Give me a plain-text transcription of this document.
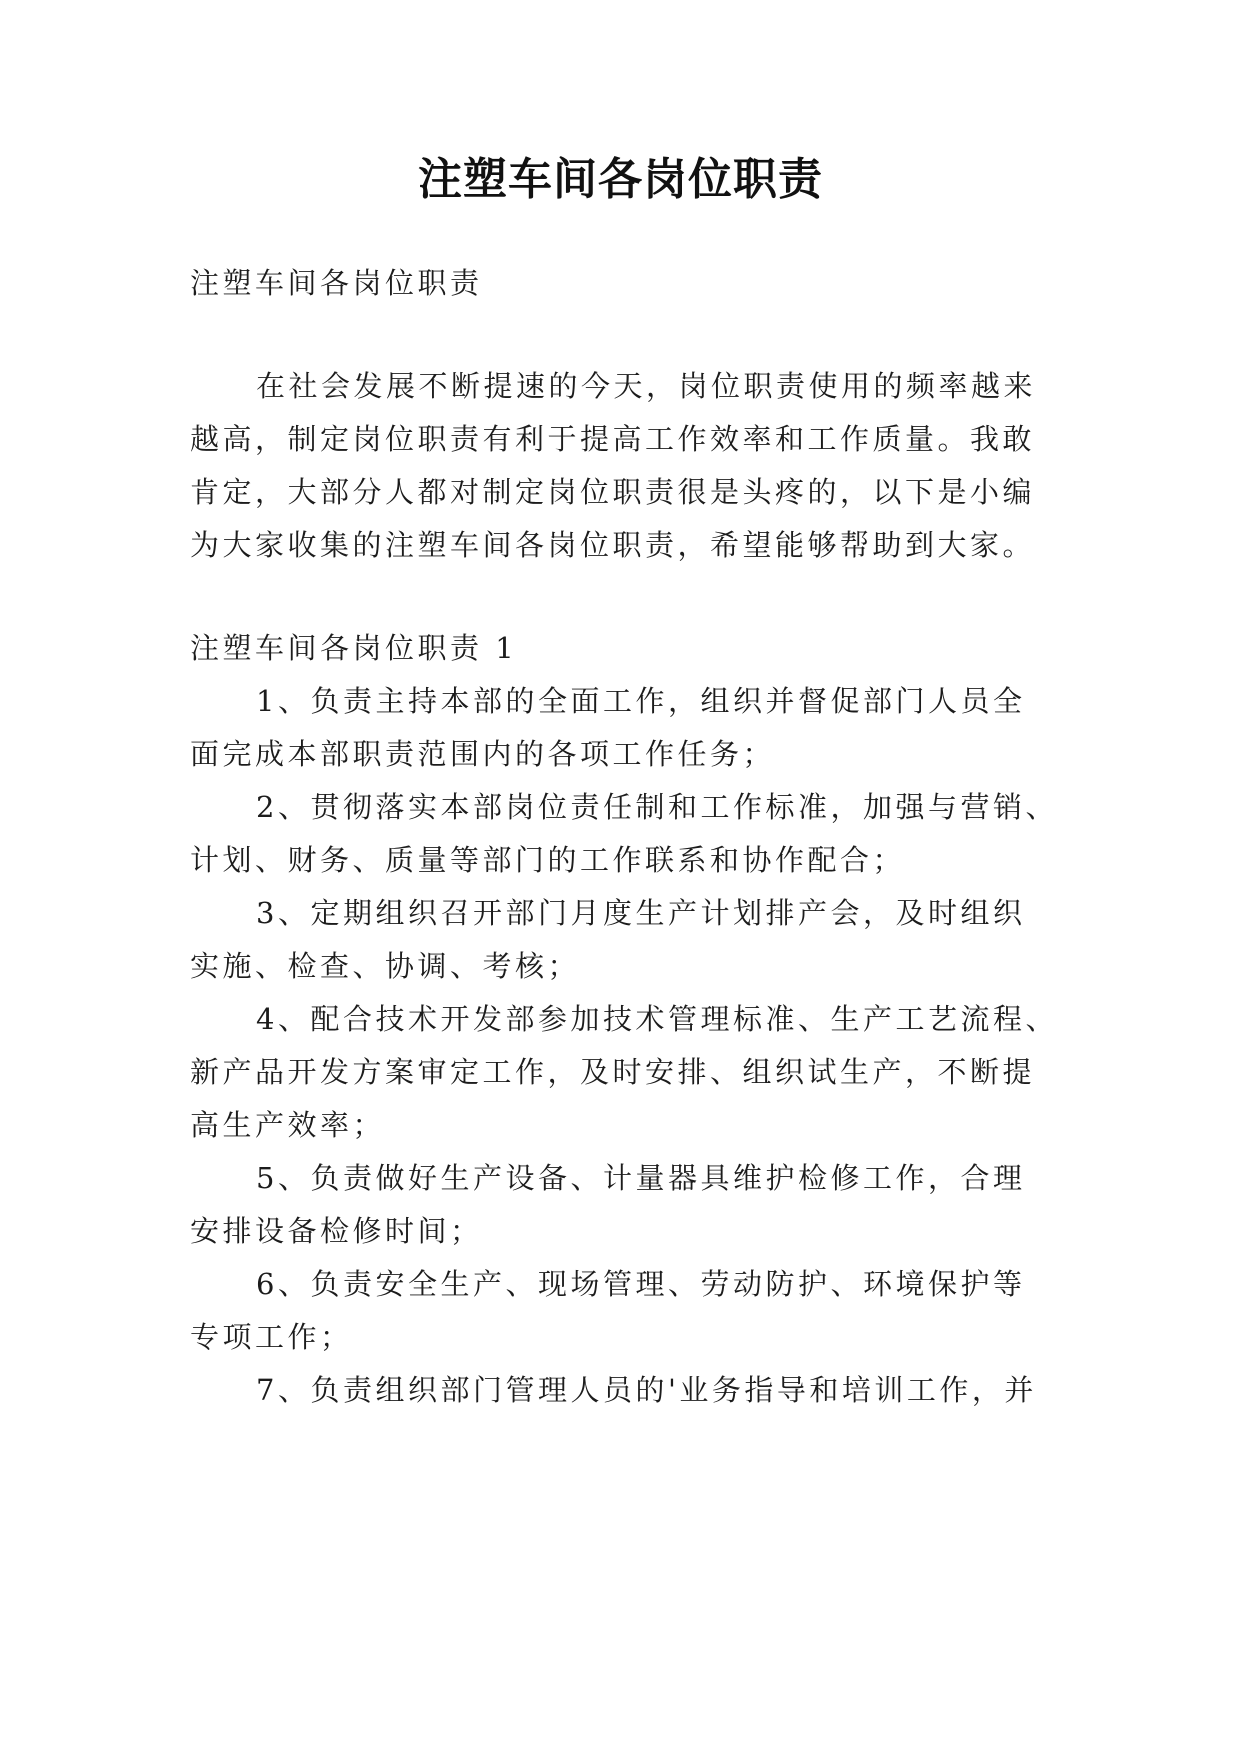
注塑车间各岗位职责
注塑车间各岗位职责
在社会发展不断提速的今天，岗位职责使用的频率越来
越高，制定岗位职责有利于提高工作效率和工作质量。我敢
肯定，大部分人都对制定岗位职责很是头疼的，以下是小编
为大家收集的注塑车间各岗位职责，希望能够帮助到大家。
注塑车间各岗位职责 1
1、负责主持本部的全面工作，组织并督促部门人员全
面完成本部职责范围内的各项工作任务；
2、贯彻落实本部岗位责任制和工作标准，加强与营销、
计划、财务、质量等部门的工作联系和协作配合；
3、定期组织召开部门月度生产计划排产会，及时组织
实施、检查、协调、考核；
4、配合技术开发部参加技术管理标准、生产工艺流程、
新产品开发方案审定工作，及时安排、组织试生产，不断提
高生产效率；
5、负责做好生产设备、计量器具维护检修工作，合理
安排设备检修时间；
6、负责安全生产、现场管理、劳动防护、环境保护等
专项工作；
7、负责组织部门管理人员的'业务指导和培训工作，并
